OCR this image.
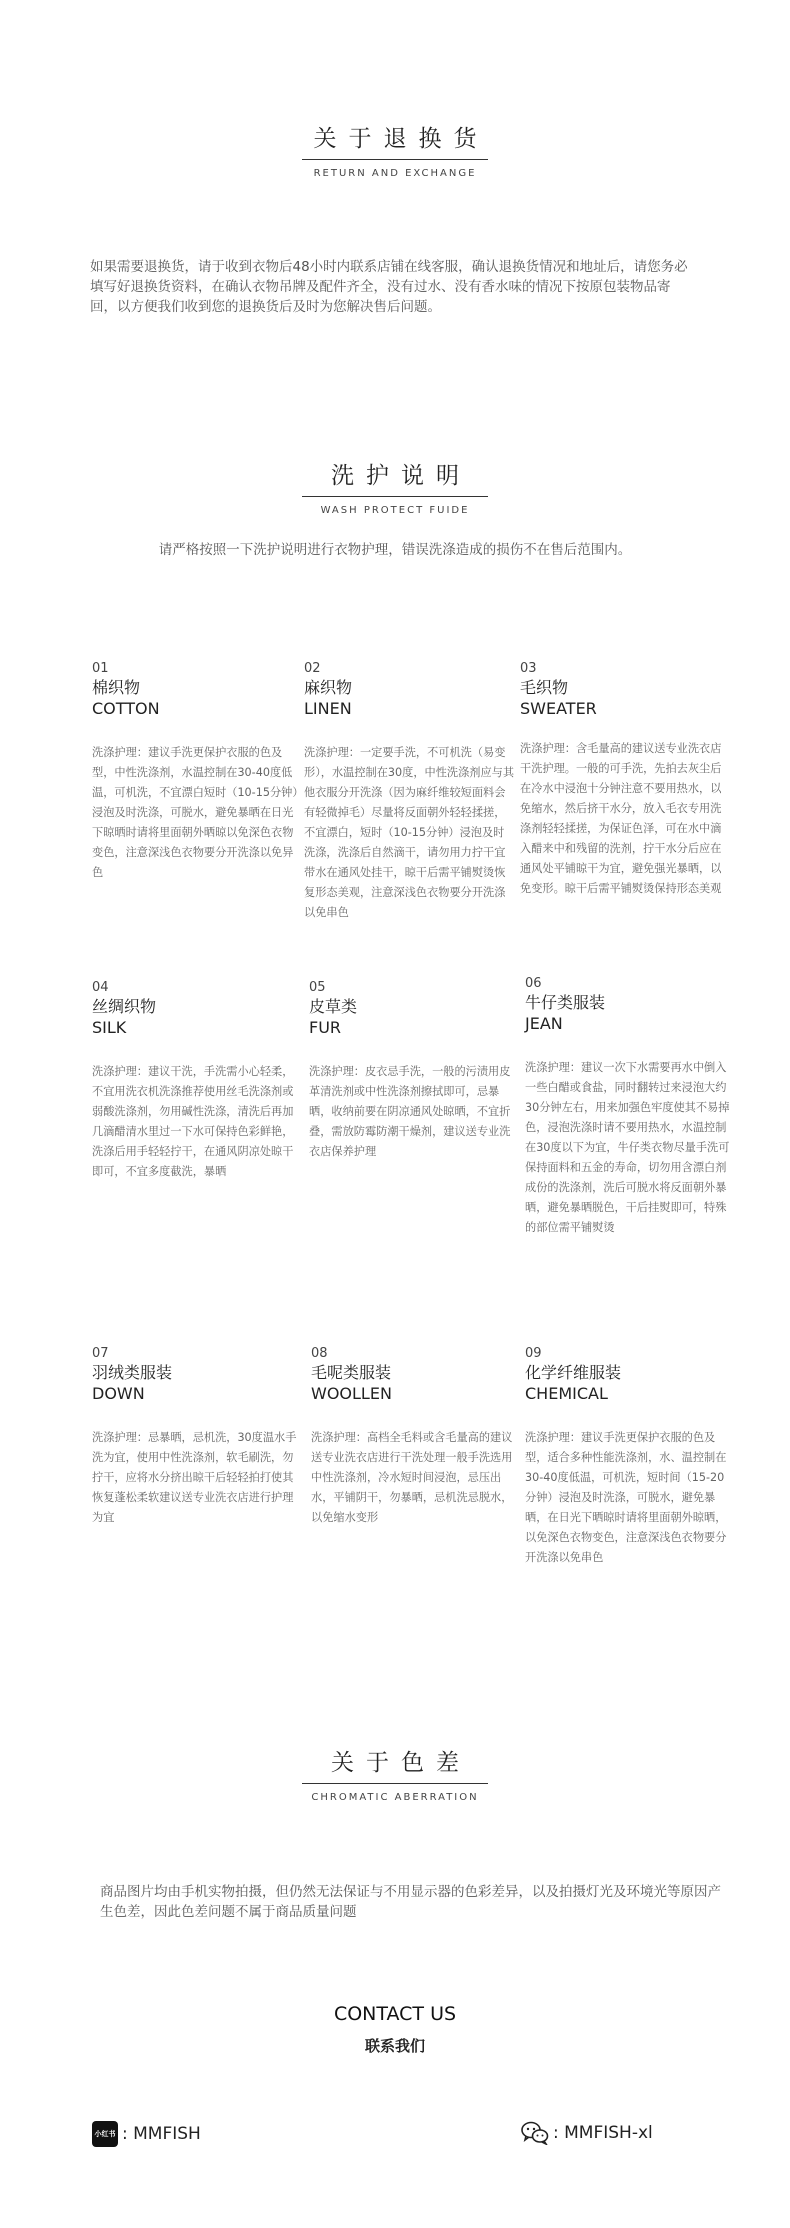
关于退换货
RETURN AND EXCHANGE
如果需要退换货，请于收到衣物后48小时内联系店铺在线客服，确认退换货情况和地址后，请您务必填写好退换货资料，在确认衣物吊牌及配件齐全，没有过水、没有香水味的情况下按原包装物品寄回，以方便我们收到您的退换货后及时为您解决售后问题。
洗护说明
WASH PROTECT FUIDE
请严格按照一下洗护说明进行衣物护理，错误洗涤造成的损伤不在售后范围内。
01
棉织物
COTTON
洗涤护理：建议手洗更保护衣服的色及型，中性洗涤剂，水温控制在30-40度低温，可机洗，不宜漂白短时（10-15分钟）浸泡及时洗涤，可脱水，避免暴晒在日光下晾晒时请将里面朝外晒晾以免深色衣物变色，注意深浅色衣物要分开洗涤以免异色
02
麻织物
LINEN
洗涤护理：一定要手洗，不可机洗（易变形），水温控制在30度，中性洗涤剂应与其他衣服分开洗涤（因为麻纤维较短面料会有轻微掉毛）尽量将反面朝外轻轻揉搓，不宜漂白，短时（10-15分钟）浸泡及时洗涤，洗涤后自然滴干，请勿用力拧干宜带水在通风处挂干，晾干后需平铺熨烫恢复形态美观，注意深浅色衣物要分开洗涤以免串色
03
毛织物
SWEATER
洗涤护理：含毛量高的建议送专业洗衣店干洗护理。一般的可手洗，先拍去灰尘后在冷水中浸泡十分钟注意不要用热水，以免缩水，然后挤干水分，放入毛衣专用洗涤剂轻轻揉搓，为保证色泽，可在水中滴入醋来中和残留的洗剂，拧干水分后应在通风处平铺晾干为宜，避免强光暴晒，以免变形。晾干后需平铺熨烫保持形态美观
04
丝绸织物
SILK
洗涤护理：建议干洗，手洗需小心轻柔，不宜用洗衣机洗涤推荐使用丝毛洗涤剂或弱酸洗涤剂，勿用碱性洗涤，清洗后再加几滴醋清水里过一下水可保持色彩鲜艳，洗涤后用手轻轻拧干，在通风阴凉处晾干即可，不宜多度截洗，暴晒
05
皮草类
FUR
洗涤护理：皮衣忌手洗，一般的污渍用皮革清洗剂或中性洗涤剂擦拭即可，忌暴晒，收纳前要在阴凉通风处晾晒，不宜折叠，需放防霉防潮干燥剂，建议送专业洗衣店保养护理
06
牛仔类服装
JEAN
洗涤护理：建议一次下水需要再水中倒入一些白醋或食盐，同时翻转过来浸泡大约30分钟左右，用来加强色牢度使其不易掉色，浸泡洗涤时请不要用热水，水温控制在30度以下为宜，牛仔类衣物尽量手洗可保持面料和五金的寿命，切勿用含漂白剂成份的洗涤剂，洗后可脱水将反面朝外暴晒，避免暴晒脱色，干后挂熨即可，特殊的部位需平铺熨烫
07
羽绒类服装
DOWN
洗涤护理：忌暴晒，忌机洗，30度温水手洗为宜，使用中性洗涤剂，软毛刷洗，勿拧干，应将水分挤出晾干后轻轻拍打使其恢复蓬松柔软建议送专业洗衣店进行护理为宜
08
毛呢类服装
WOOLLEN
洗涤护理：高档全毛料或含毛量高的建议送专业洗衣店进行干洗处理一般手洗选用中性洗涤剂，冷水短时间浸泡，忌压出水，平铺阴干，勿暴晒，忌机洗忌脱水，以免缩水变形
09
化学纤维服装
CHEMICAL
洗涤护理：建议手洗更保护衣服的色及型，适合多种性能洗涤剂，水、温控制在30-40度低温，可机洗，短时间（15-20分钟）浸泡及时洗涤，可脱水，避免暴晒，在日光下晒晾时请将里面朝外晾晒，以免深色衣物变色，注意深浅色衣物要分开洗涤以免串色
关于色差
CHROMATIC ABERRATION
商品图片均由手机实物拍摄，但仍然无法保证与不用显示器的色彩差异，以及拍摄灯光及环境光等原因产生色差，因此色差问题不属于商品质量问题
CONTACT US
联系我们
小红书 : MMFISH	: MMFISH-xl
